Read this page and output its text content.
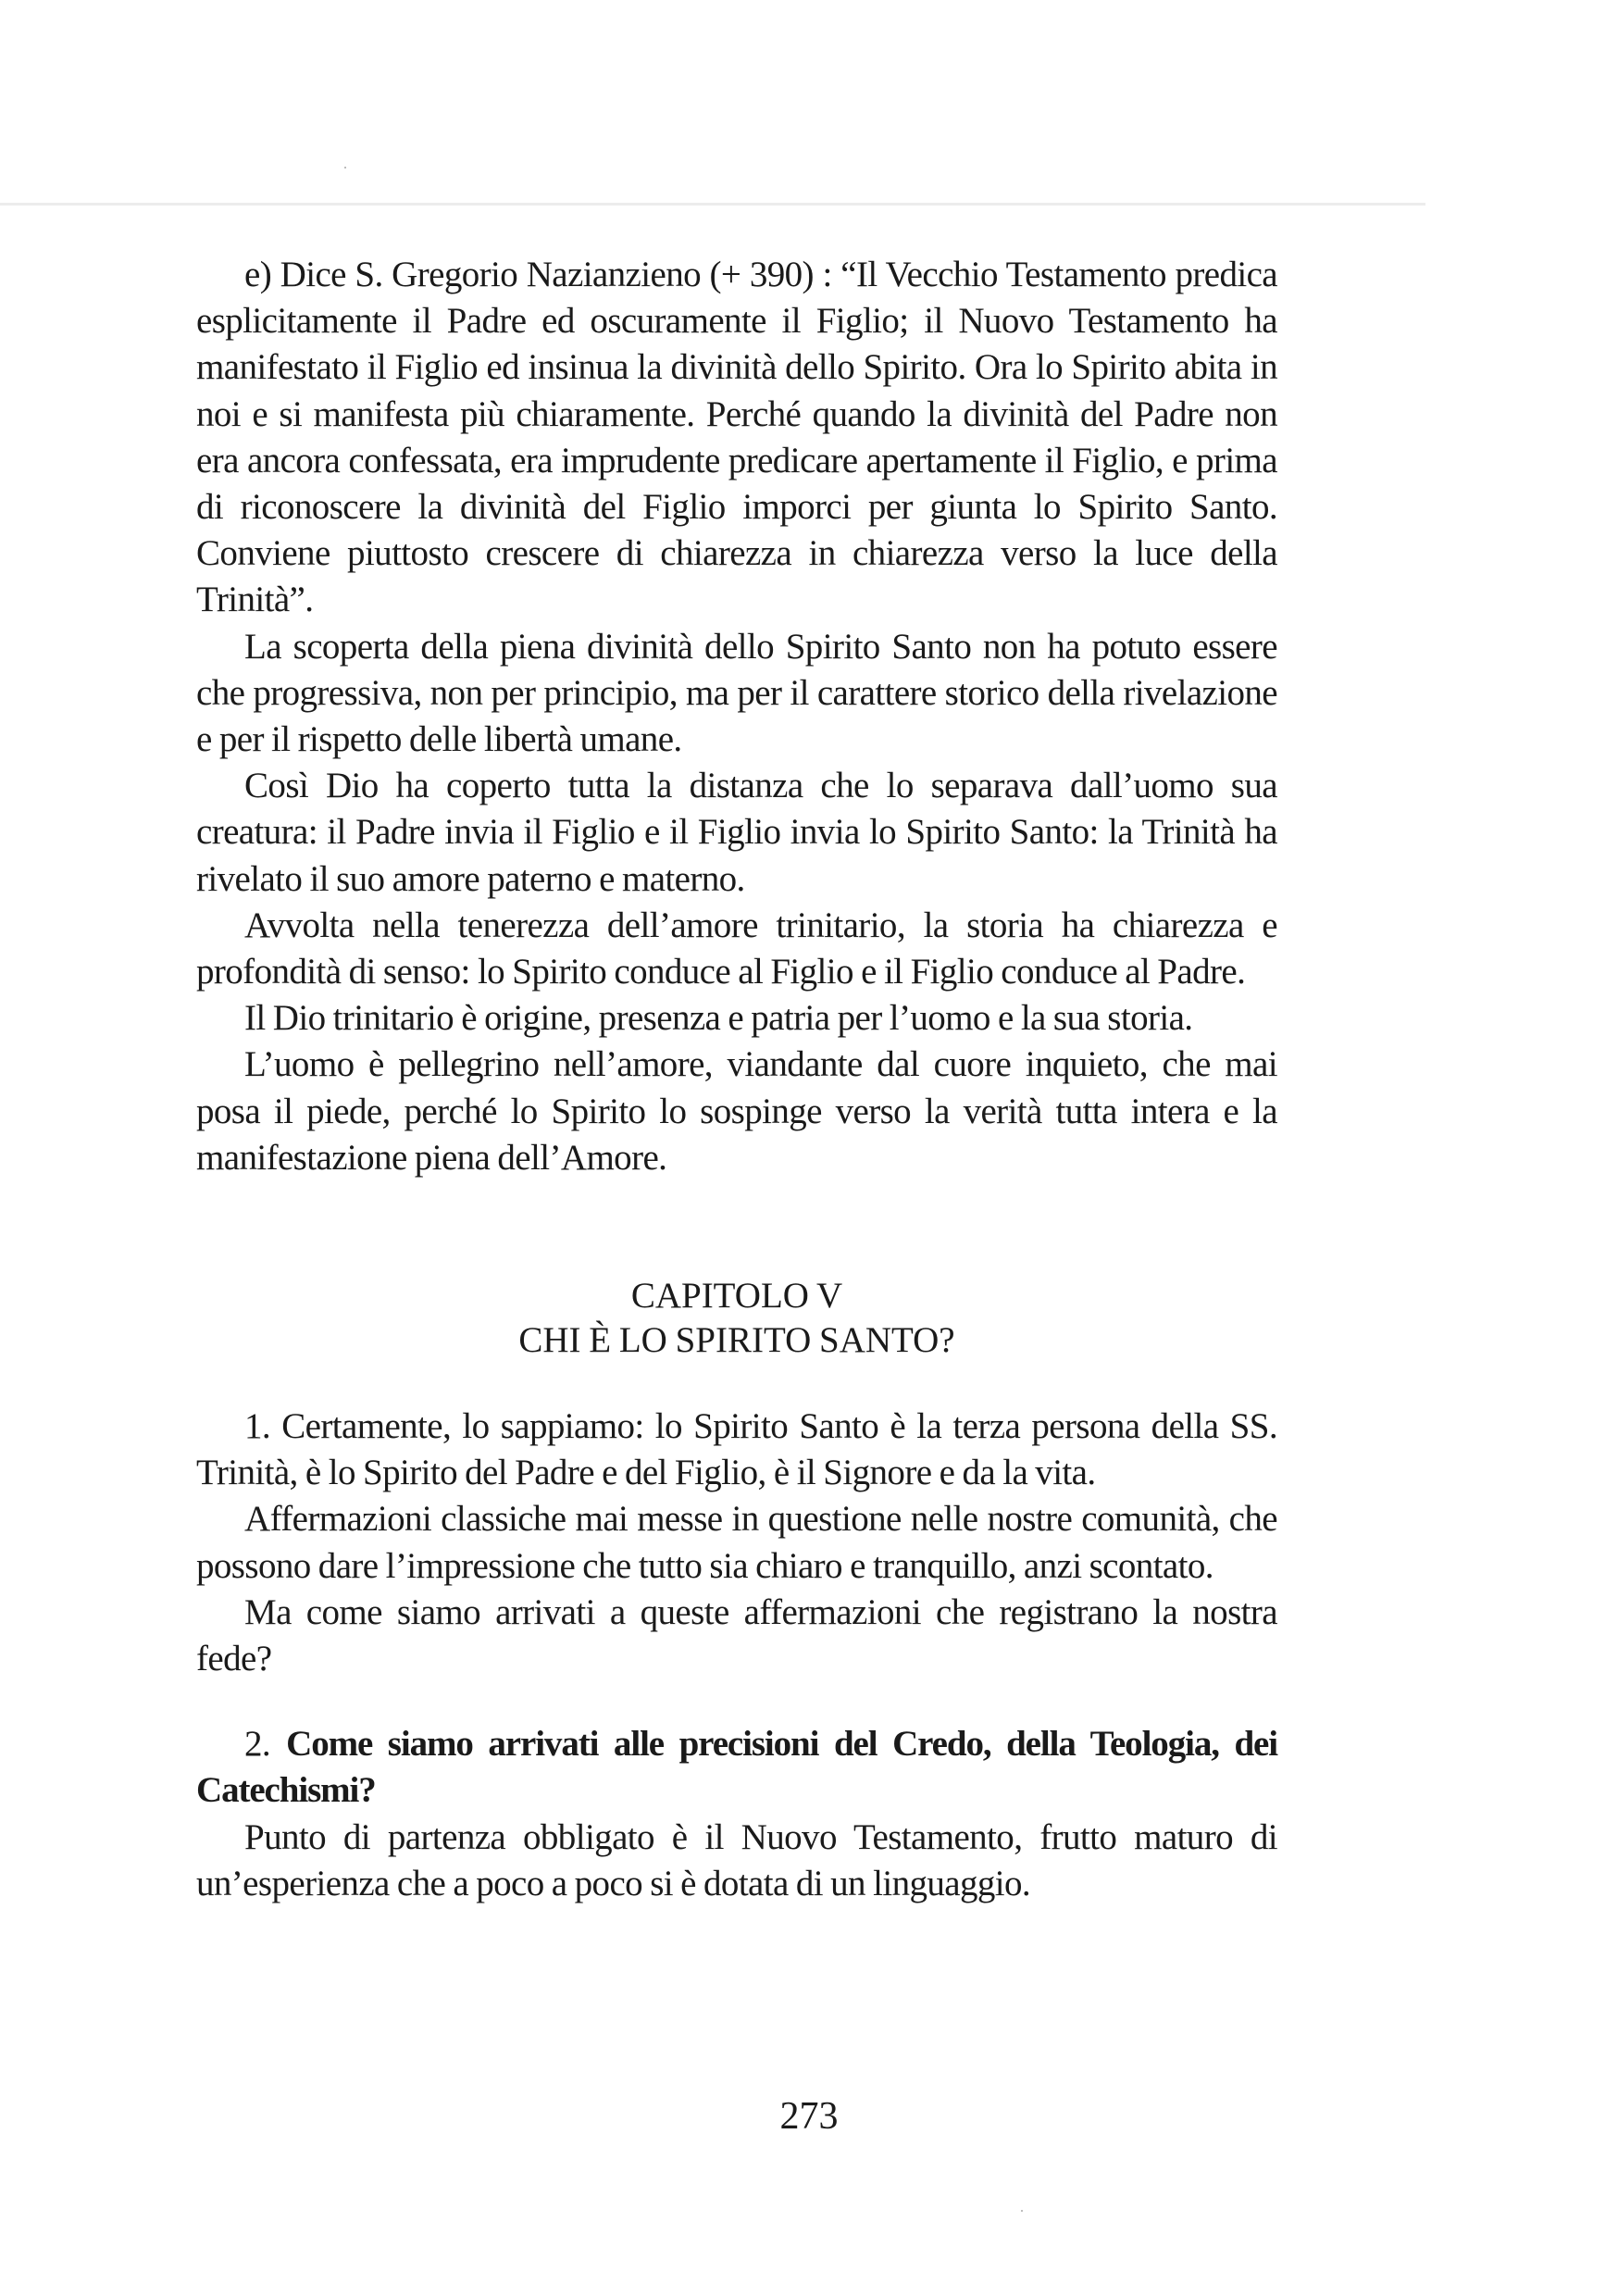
e) Dice S. Gregorio Nazianzieno (+ 390) : “Il Vecchio Testamento predica esplicitamente il Padre ed oscuramente il Figlio; il Nuovo Testamento ha manifestato il Figlio ed insinua la divinità dello Spirito. Ora lo Spirito abita in noi e si manifesta più chiaramente. Perché quando la divinità del Padre non era ancora confessata, era imprudente predicare apertamente il Figlio, e prima di riconoscere la divinità del Figlio imporci per giunta lo Spirito Santo. Conviene piuttosto crescere di chiarezza in chiarezza verso la luce della Trinità”.

La scoperta della piena divinità dello Spirito Santo non ha potuto essere che progressiva, non per principio, ma per il carattere storico della rivelazione e per il rispetto delle libertà umane.

Così Dio ha coperto tutta la distanza che lo separava dall’uomo sua creatura: il Padre invia il Figlio e il Figlio invia lo Spirito Santo: la Trinità ha rivelato il suo amore paterno e materno.

Avvolta nella tenerezza dell’amore trinitario, la storia ha chiarezza e profondità di senso: lo Spirito conduce al Figlio e il Figlio conduce al Padre.

Il Dio trinitario è origine, presenza e patria per l’uomo e la sua storia.

L’uomo è pellegrino nell’amore, viandante dal cuore inquieto, che mai posa il piede, perché lo Spirito lo sospinge verso la verità tutta intera e la manifestazione piena dell’Amore.

CAPITOLO V
CHI È LO SPIRITO SANTO?

1. Certamente, lo sappiamo: lo Spirito Santo è la terza persona della SS. Trinità, è lo Spirito del Padre e del Figlio, è il Signore e da la vita.

Affermazioni classiche mai messe in questione nelle nostre comunità, che possono dare l’impressione che tutto sia chiaro e tranquillo, anzi scontato.

Ma come siamo arrivati a queste affermazioni che registrano la nostra fede?

2. Come siamo arrivati alle precisioni del Credo, della Teologia, dei Catechismi?

Punto di partenza obbligato è il Nuovo Testamento, frutto maturo di un’esperienza che a poco a poco si è dotata di un linguaggio.

273
